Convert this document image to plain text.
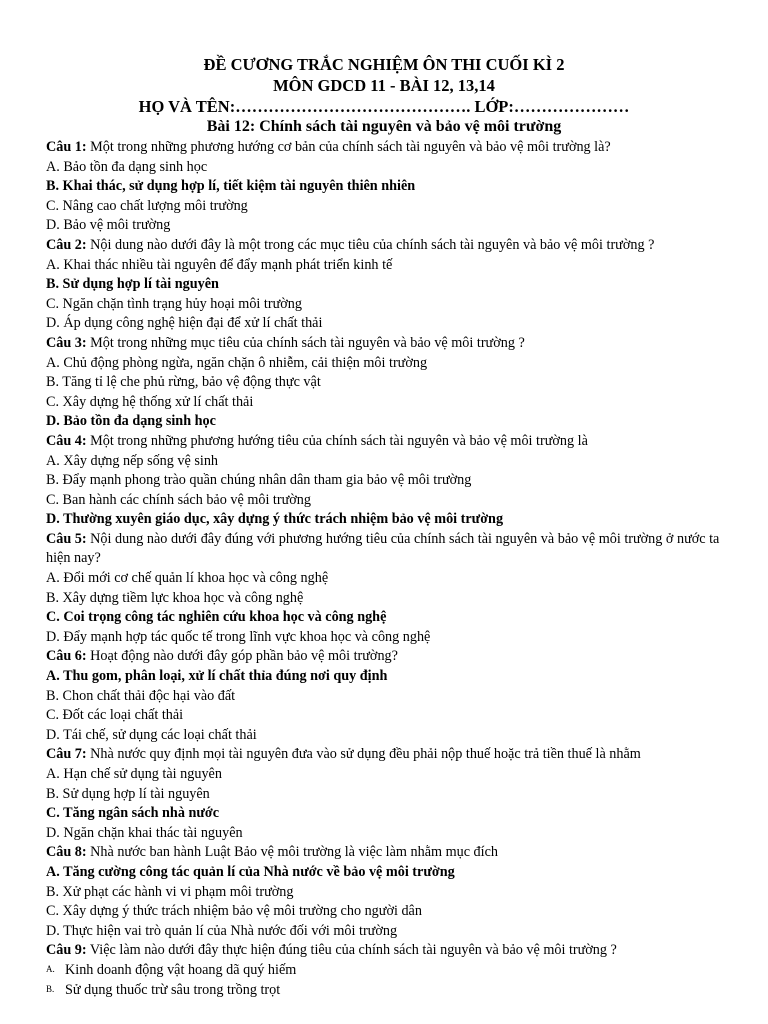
ĐỀ CƯƠNG TRẮC NGHIỆM ÔN THI CUỐI KÌ 2
MÔN GDCD 11 - BÀI 12, 13,14
HỌ VÀ TÊN:……………………………………. LỚP:…………………
Bài 12: Chính sách tài nguyên và bảo vệ môi trường
Câu 1: Một trong những phương hướng cơ bản của chính sách tài nguyên và bảo vệ môi trường là?
A. Bảo tồn đa dạng sinh học
B. Khai thác, sử dụng hợp lí, tiết kiệm tài nguyên thiên nhiên
C. Nâng cao chất lượng môi trường
D. Bảo vệ môi trường
Câu 2: Nội dung nào dưới đây là một trong các mục tiêu của chính sách tài nguyên và bảo vệ môi trường ?
A. Khai thác nhiều tài nguyên để đẩy mạnh phát triển kinh tế
B. Sử dụng hợp lí tài nguyên
C. Ngăn chặn tình trạng hủy hoại môi trường
D. Áp dụng công nghệ hiện đại để xử lí chất thải
Câu 3: Một trong những mục tiêu của chính sách tài nguyên và bảo vệ môi trường ?
A. Chủ động phòng ngừa, ngăn chặn ô nhiễm, cải thiện môi trường
B. Tăng tỉ lệ che phủ rừng, bảo vệ động thực vật
C. Xây dựng hệ thống xử lí chất thải
D. Bảo tồn đa dạng sinh học
Câu 4: Một trong những phương hướng tiêu của chính sách tài nguyên và bảo vệ môi trường là
A. Xây dựng nếp sống vệ sinh
B. Đẩy mạnh phong trào quần chúng nhân dân tham gia bảo vệ môi trường
C. Ban hành các chính sách bảo vệ môi trường
D. Thường xuyên giáo dục, xây dựng ý thức trách nhiệm bảo vệ môi trường
Câu 5: Nội dung nào dưới đây đúng với phương hướng tiêu của chính sách tài nguyên và bảo vệ môi trường ở nước ta hiện nay?
A. Đổi mới cơ chế quản lí khoa học và công nghệ
B. Xây dựng tiềm lực khoa học và công nghệ
C. Coi trọng công tác nghiên cứu khoa học và công nghệ
D. Đẩy mạnh hợp tác quốc tế trong lĩnh vực khoa học và công nghệ
Câu 6: Hoạt động nào dưới đây góp phần bảo vệ môi trường?
A. Thu gom, phân loại, xử lí chất thỉa đúng nơi quy định
B. Chon chất thải độc hại vào đất
C. Đốt các loại chất thải
D. Tái chế, sử dụng các loại chất thải
Câu 7: Nhà nước quy định mọi tài nguyên đưa vào sử dụng đều phải nộp thuế hoặc trả tiền thuế là nhằm
A. Hạn chế sử dụng tài nguyên
B. Sử dụng hợp lí tài nguyên
C. Tăng ngân sách nhà nước
D. Ngăn chặn khai thác tài nguyên
Câu 8: Nhà nước ban hành Luật Bảo vệ môi trường là việc làm nhằm mục đích
A. Tăng cường công tác quản lí của Nhà nước về bảo vệ môi trường
B. Xử phạt các hành vi vi phạm môi trường
C. Xây dựng ý thức trách nhiệm bảo vệ môi trường cho người dân
D. Thực hiện vai trò quản lí của Nhà nước đối với môi trường
Câu 9: Việc làm nào dưới đây thực hiện đúng tiêu của chính sách tài nguyên và bảo vệ môi trường ?
A. Kinh doanh động vật hoang dã quý hiếm
B. Sử dụng thuốc trừ sâu trong trồng trọt
